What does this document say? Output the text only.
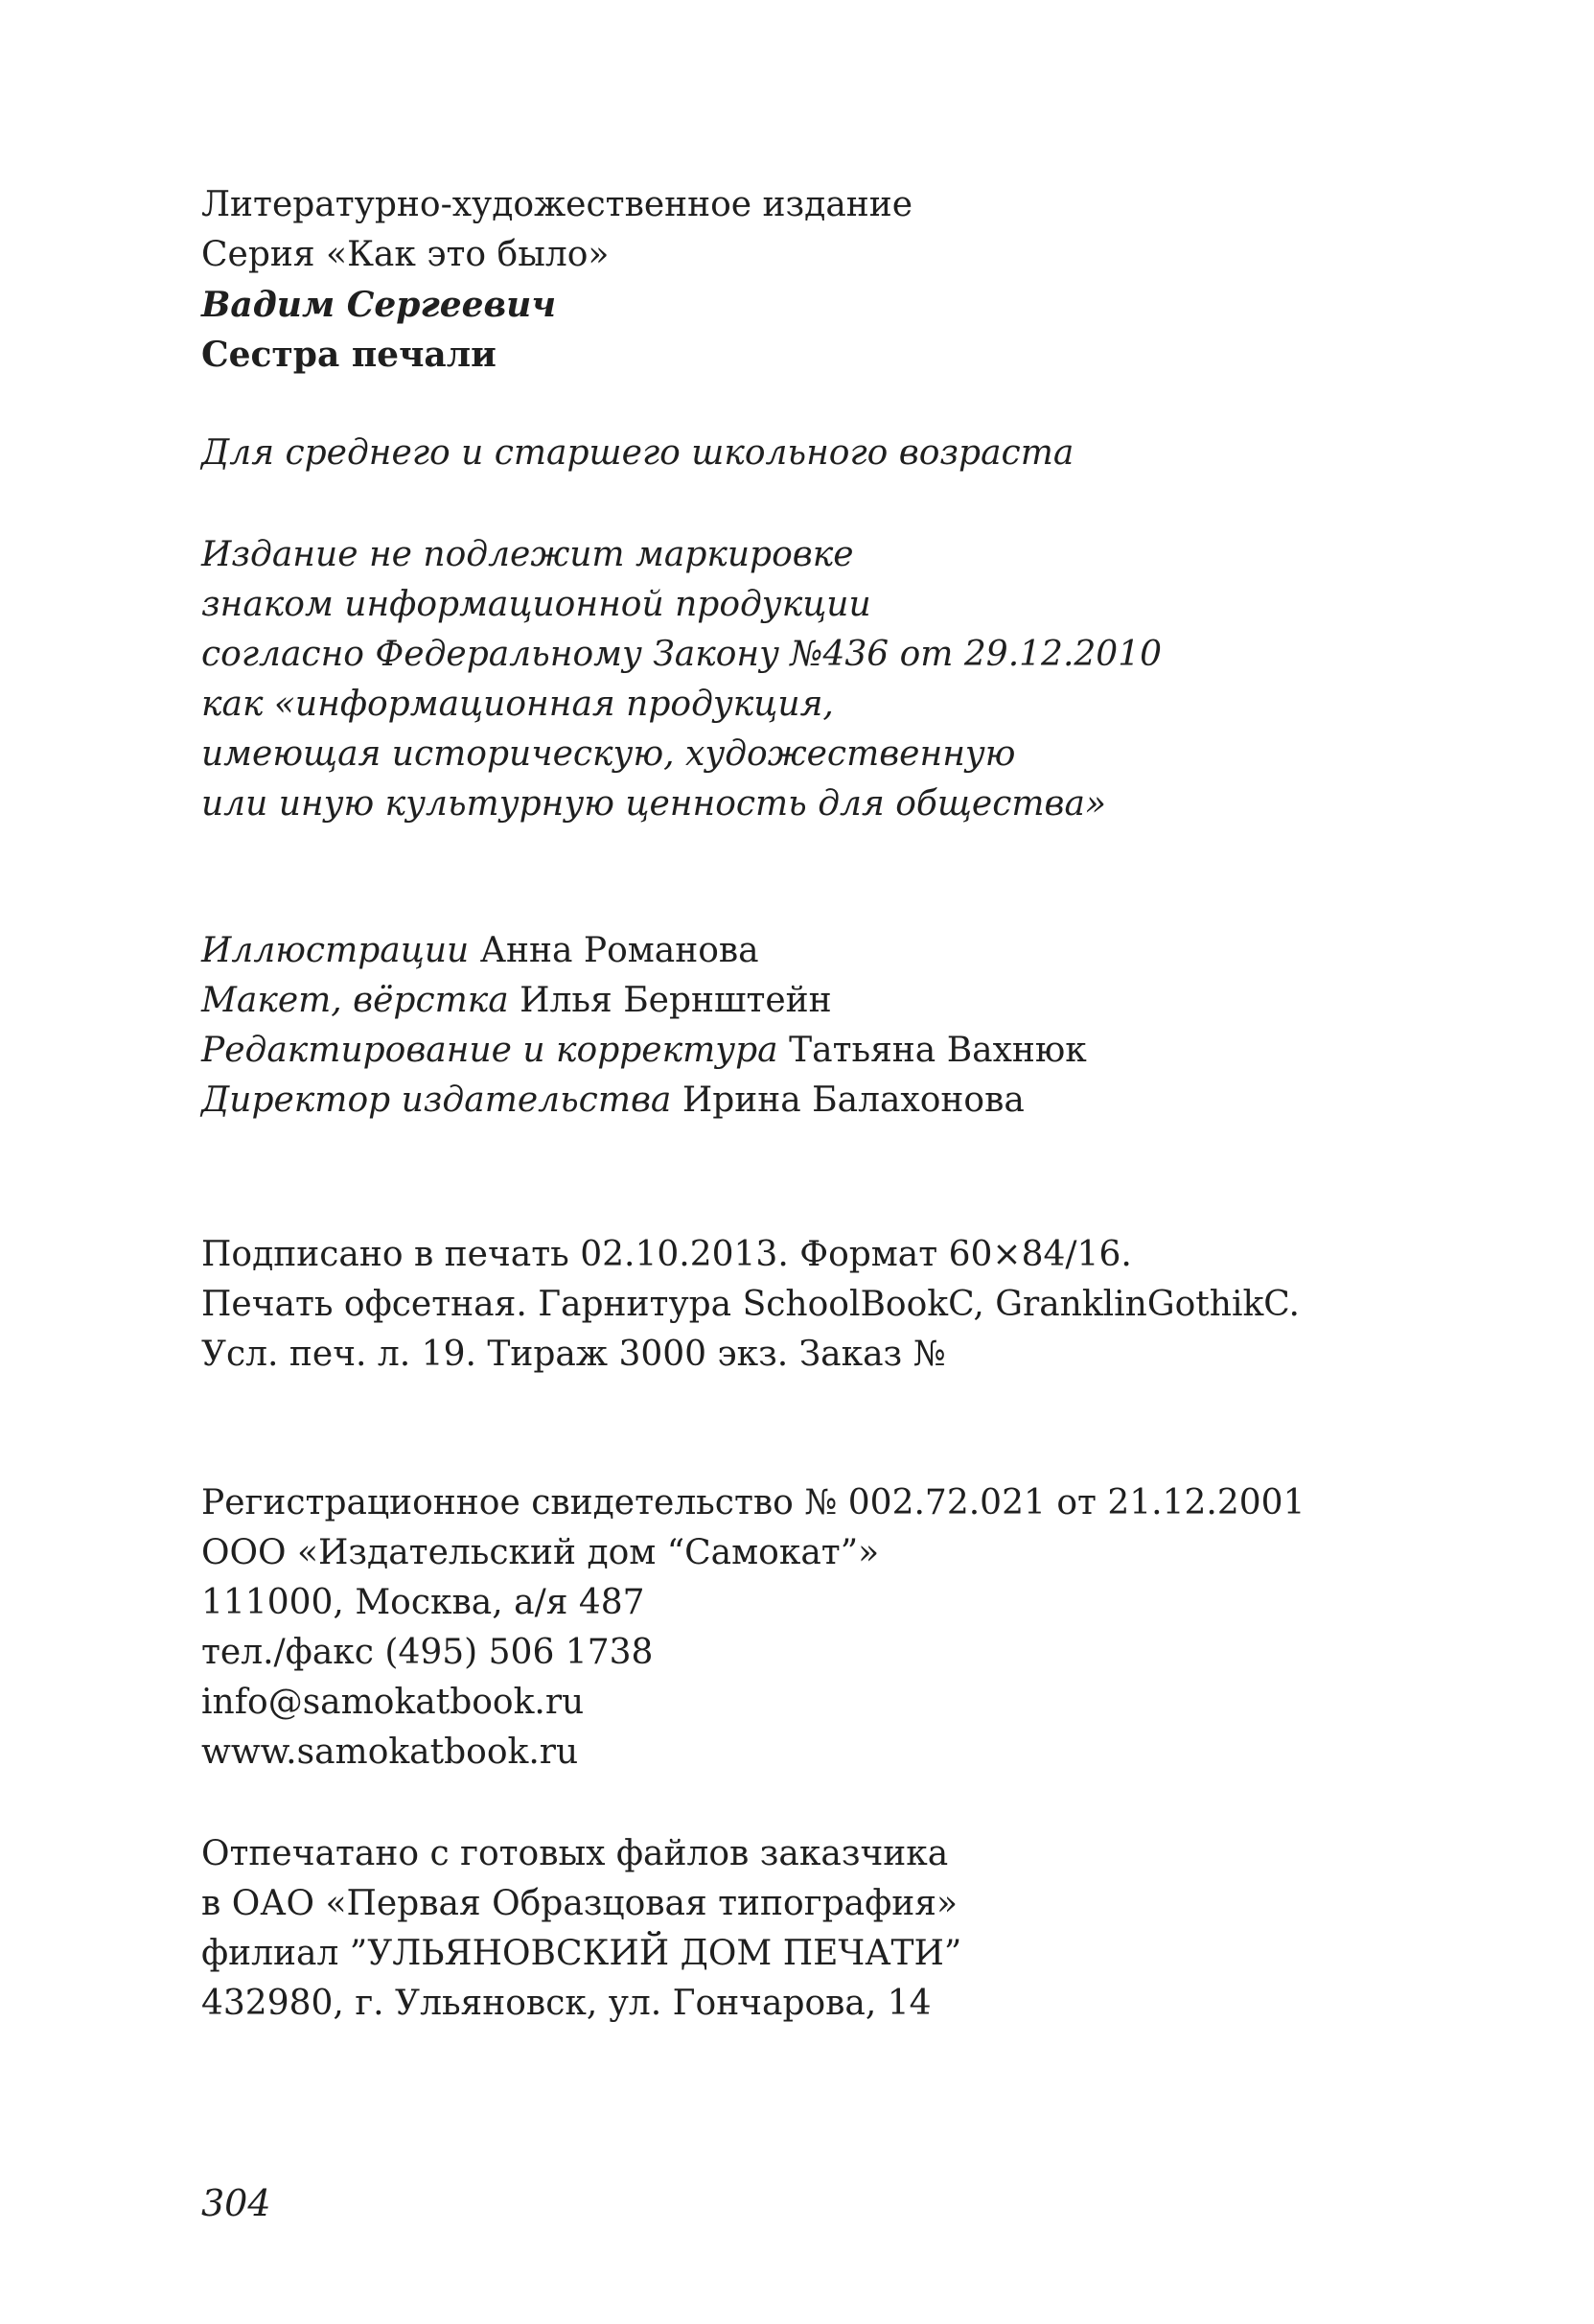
Литературно-художественное издание
Серия «Как это было»
Вадим Сергеевич
Сестра печали
Для среднего и старшего школьного возраста
Издание не подлежит маркировке
знаком информационной продукции
согласно Федеральному Закону №436 от 29.12.2010
как «информационная продукция,
имеющая историческую, художественную
или иную культурную ценность для общества»
Иллюстрации Анна Романова
Макет, вёрстка Илья Бернштейн
Редактирование и корректура Татьяна Вахнюк
Директор издательства Ирина Балахонова
Подписано в печать 02.10.2013. Формат 60×84/16.
Печать офсетная. Гарнитура SchoolBookC, GranklinGothikC.
Усл. печ. л. 19. Тираж 3000 экз. Заказ №
Регистрационное свидетельство № 002.72.021 от 21.12.2001
ООО «Издательский дом “Самокат”»
111000, Москва, а/я 487
тел./факс (495) 506 1738
info@samokatbook.ru
www.samokatbook.ru
Отпечатано с готовых файлов заказчика
в ОАО «Первая Образцовая типография»
филиал ”УЛЬЯНОВСКИЙ ДОМ ПЕЧАТИ”
432980, г. Ульяновск, ул. Гончарова, 14
304
